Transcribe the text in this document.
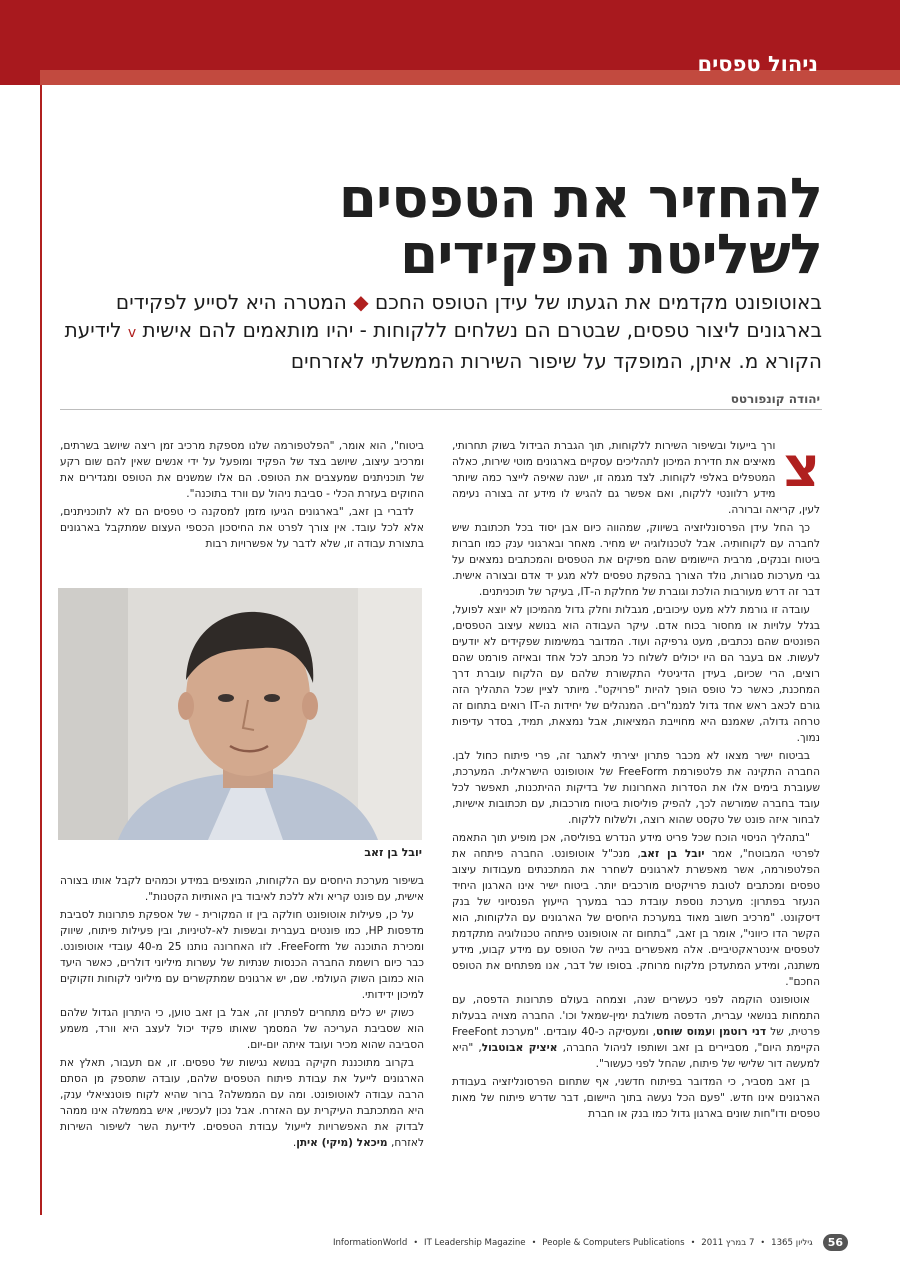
ניהול טפסים
להחזיר את הטפסים
לשליטת הפקידים
באוטופונט מקדמים את הגעתו של עידן הטופס החכם ◆ המטרה היא לסייע לפקידים בארגונים ליצור טפסים, שבטרם הם נשלחים ללקוחות - יהיו מותאמים להם אישית v לידיעת הקורא מ. איתן, המופקד על שיפור השירות הממשלתי לאזרחים
יהודה קונפורטס
צ

ורך בייעול ובשיפור השירות ללקוחות, תוך הגברת הבידול בשוק תחרותי, מאיצים את חדירת המיכון לתהליכים עסקיים בארגונים מוטי שירות, כאלה המטפלים באלפי לקוחות. לצד מגמה זו, ישנה שאיפה לייצר כמה שיותר מידע רלוונטי ללקוח, ואם אפשר גם להגיש לו מידע זה בצורה נעימה לעין, קריאה וברורה.

כך החל עידן הפרסונליזציה בשיווק, שמהווה כיום אבן יסוד בכל תכתובת שיש לחברה עם לקוחותיה. אבל לטכנולוגיה יש מחיר. מאחר ובארגוני ענק כמו חברות ביטוח ובנקים, מרבית היישומים שהם מפיקים את הטפסים והמכתבים נמצאים על גבי מערכות סגורות, נולד הצורך בהפקת טפסים ללא מגע יד אדם ובצורה אישית. דבר זה דרש מעורבות הולכת וגוברת של מחלקת ה-IT, בעיקר של תוכניתנים.

עובדה זו גורמת ללא מעט עיכובים, מגבלות וחלק גדול מהמיכון לא יוצא לפועל, בגלל עלויות או מחסור בכוח אדם. עיקר העבודה הוא בנושא עיצוב הטפסים, הפונטים שהם נכתבים, מעט גרפיקה ועוד. המדובר במשימות שפקידים לא יודעים לעשות. אם בעבר הם היו יכולים לשלוח כל מכתב לכל אחד ובאיזה פורמט שהם רוצים, הרי שכיום, בעידן הדיגיטלי התקשורת שלהם עם הלקוח עוברת דרך המחכנת, כאשר כל טופס הופך להיות "פרויקט". מיותר לציין שכל התהליך הזה גורם לכאב ראש אחד גדול למנמ"רים. המנהלים של יחידות ה-IT רואים בתחום זה טרחה גדולה, שאמנם היא מחוייבת המציאות, אבל נמצאת, תמיד, בסדר עדיפות נמוך.

בביטוח ישיר מצאו לא מכבר פתרון יצירתי לאתגר זה, פרי פיתוח כחול לבן. החברה התקינה את פלטפורמת FreeForm של אוטופונט הישראלית. המערכת, שעוברת בימים אלו את הסדרות האחרונות של בדיקות ההיתכנות, תאפשר לכל עובד בחברה שמורשה לכך, להפיק פוליסות ביטוח מורכבות, עם תכתובות אישיות, לבחור איזה פונט של טקסט שהוא רוצה, ולשלוח ללקוח.

"בתהליך הניסוי הוכח שכל פריט מידע הנדרש בפוליסה, אכן מופיע תוך התאמה לפרטי המבוטח", אמר יובל בן זאב, מנכ"ל אוטופונט. החברה פיתחה את הפלטפורמה, אשר מאפשרת לארגונים לשחרר את המתכנתים מעבודות עיצוב טפסים ומכתבים לטובת פרויקטים מורכבים יותר. ביטוח ישיר אינו הארגון היחיד הנעזר בפתרון: מערכת נוספת עובדת כבר במערך הייעוץ הפנסיוני של בנק דיסקונט. "מרכיב חשוב מאוד במערכת היחסים של הארגונים עם הלקוחות, הוא הקשר הדו כיווני", אומר בן זאב, "בתחום זה אוטופונט פיתחה טכנולוגיה מתקדמת לטפסים אינטראקטיביים. אלה מאפשרים בנייה של הטופס עם מידע קבוע, מידע משתנה, ומידע המתעדכן מלקוח מרוחק. בסופו של דבר, אנו מפתחים את הטופס החכם".

אוטופונט הוקמה לפני כעשרים שנה, וצמחה בעולם פתרונות הדפסה, עם התמחות בנושאי עברית, הדפסה משולבת ימין-שמאל וכו'. החברה מצויה בבעלות פרטית, של דני רוטמן ועמוס שוחט, ומעסיקה כ-40 עובדים. "מערכת FreeFont הקיימת היום", מסביירים בן זאב ושותפו לניהול החברה, איציק אבוטבול, "היא למעשה דור שלישי של פיתוח, שהחל לפני כעשור".

בן זאב מסביר, כי המדובר בפיתוח חדשני, אף שתחום הפרסונליזציה בעבודת הארגונים אינו חדש. "פעם הכל נעשה בתוך היישום, דבר שדרש פיתוח של מאות טפסים ודו"חות שונים בארגון גדול כמו בנק או חברת

ביטוח", הוא אומר, "הפלטפורמה שלנו מספקת מרכיב זמן ריצה שיושב בשרתים, ומרכיב עיצוב, שיושב בצד של הפקיד ומופעל על ידי אנשים שאין להם שום רקע של תוכניתנים שמעצבים את הטופס. הם אלו שמשנים את הטופס ומגדירים את החוקים בעזרת הכלי - סביבת ניהול עם וורד בתוכנה".

לדברי בן זאב, "בארגונים הגיעו מזמן למסקנה כי טפסים הם לא לתוכניתנים, אלא לכל עובד. אין צורך לפרט את החיסכון הכספי העצום שמתקבל בארגונים בתצורת עבודה זו, שלא לדבר על אפשרויות רבות

יובל בן זאב

בשיפור מערכת היחסים עם הלקוחות, המוצפים במידע וכמהים לקבל אותו בצורה אישית, עם פונט קריא ולא ללכת לאיבוד בין האותיות הקטנות".

על כן, פעילות אוטופונט חולקה בין זו המקורית - של אספקת פתרונות לסביבת מדפסות HP, כמו פונטים בעברית ובשפות לא-לטיניות, ובין פעילות פיתוח, שיווק ומכירת התוכנה של FreeForm. לזו האחרונה נותנו 25 מ-40 עובדי אוטופונט. כבר כיום רושמת החברה הכנסות שנתיות של עשרות מיליוני דולרים, כאשר היעד הוא כמובן השוק העולמי. שם, יש ארגונים שמתקשרים עם מיליוני לקוחות וזקוקים למיכון ידידותי.

כשוק יש כלים מתחרים לפתרון זה, אבל בן זאב טוען, כי היתרון הגדול שלהם הוא שסביבת העריכה של המסמך שאותו פקיד יכול לעצב היא וורד, משמע הסביבה שהוא מכיר ועובד איתה יום-יום.

בקרוב מתוכננת חקיקה בנושא נגישות של טפסים. זו, אם תעבור, תאלץ את הארגונים לייעל את עבודת פיתוח הטפסים שלהם, עובדה שתספק מן הסתם הרבה עבודה לאוטופונט. ומה עם הממשלה? ברור שהיא לקוח פוטנציאלי ענק, היא המתכתבת העיקרית עם האזרח. אבל נכון לעכשיו, איש בממשלה אינו ממהר לבדוק את האפשרויות לייעול עבודת הטפסים. לידיעת השר לשיפור השירות לאזרח, מיכאל (מיקי) איתן.

56
גיליון 1365
•
7 במרץ 2011
•
People & Computers Publications
•
IT Leadership Magazine
•
InformationWorld
